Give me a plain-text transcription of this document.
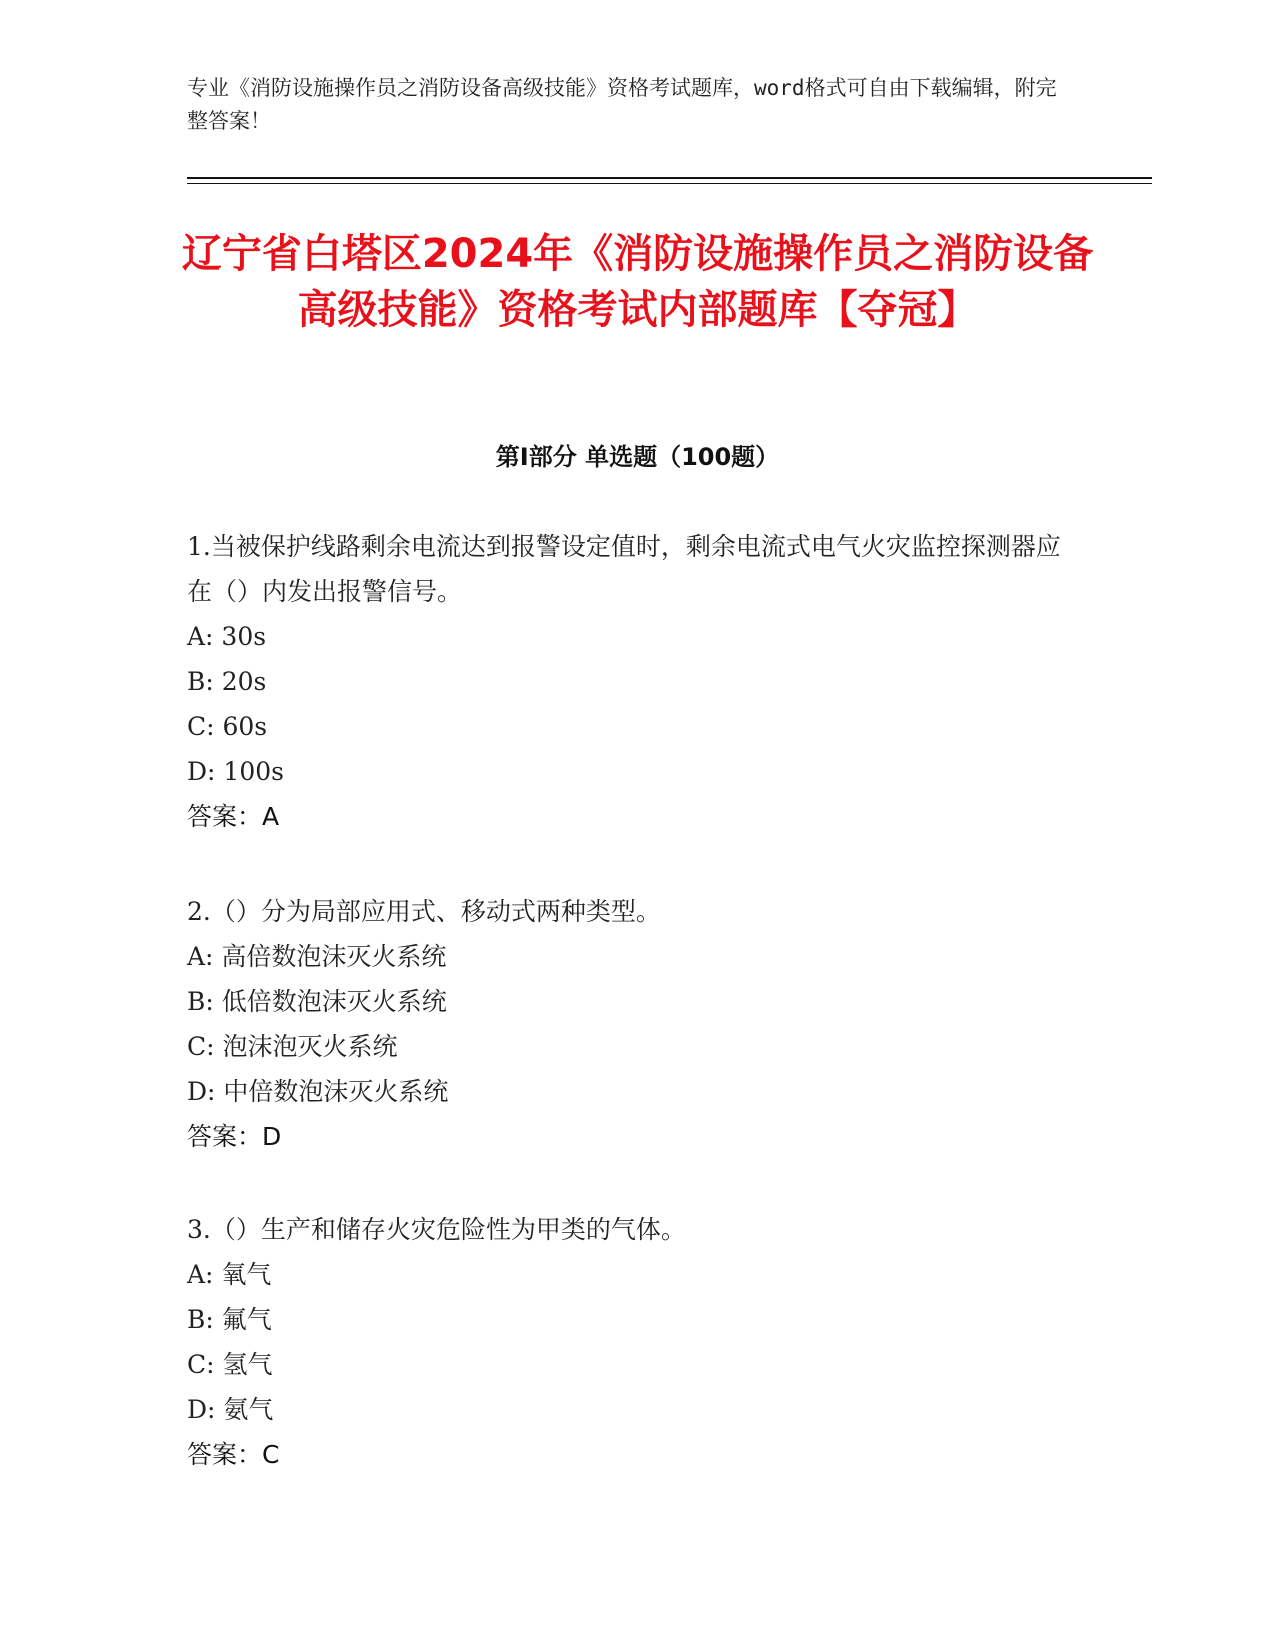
专业《消防设施操作员之消防设备高级技能》资格考试题库，word格式可自由下载编辑，附完整答案！
辽宁省白塔区2024年《消防设施操作员之消防设备高级技能》资格考试内部题库【夺冠】
第I部分 单选题（100题）
1.当被保护线路剩余电流达到报警设定值时，剩余电流式电气火灾监控探测器应在（）内发出报警信号。
A: 30s
B: 20s
C: 60s
D: 100s
答案：A
2.（）分为局部应用式、移动式两种类型。
A: 高倍数泡沫灭火系统
B: 低倍数泡沫灭火系统
C: 泡沫泡灭火系统
D: 中倍数泡沫灭火系统
答案：D
3.（）生产和储存火灾危险性为甲类的气体。
A: 氧气
B: 氟气
C: 氢气
D: 氨气
答案：C
